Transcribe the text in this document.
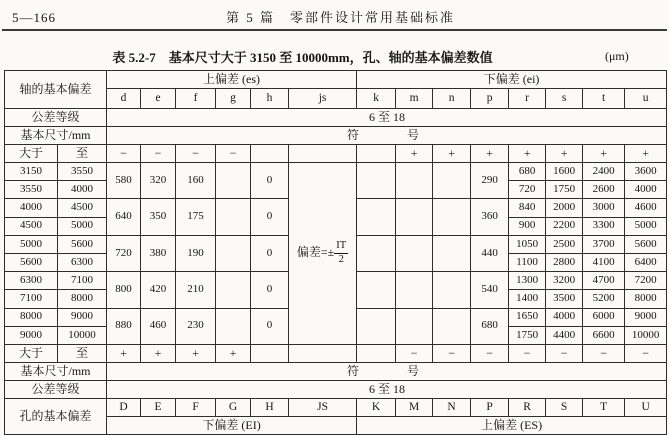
5—166	第 5 篇　零部件设计常用基础标准
表 5.2-7　基本尺寸大于 3150 至 10000mm，孔、轴的基本偏差数值	(μm)
轴的基本偏差		上偏差 (es)						下偏差 (ei)							
		d	e	f	g	h	js	k	m	n	p	r	s	t	u
公差等级		6 至 18													
基本尺寸/mm		符　　　　号													
大于	至	−	−	−	−				+	+	+	+	+	+	+
3150	3550	580	320	160		0	偏差=± $\frac{IT}{2}$				290	680	1600	2400	3600
3550	4000											720	1750	2600	4000
4000	4500	640	350	175		0					360	840	2000	3000	4600
4500	5000											900	2200	3300	5000
5000	5600	720	380	190		0					440	1050	2500	3700	5600
5600	6300											1100	2800	4100	6400
6300	7100	800	420	210		0					540	1300	3200	4700	7200
7100	8000											1400	3500	5200	8000
8000	9000	880	460	230		0					680	1650	4000	6000	9000
9000	10000											1750	4400	6600	10000
大于	至	+	+	+	+				−	−	−	−	−	−	−
基本尺寸/mm		符　　　　号													
公差等级		6 至 18													
孔的基本偏差		D	E	F	G	H	JS	K	M	N	P	R	S	T	U
		下偏差 (EI)						上偏差 (ES)							
